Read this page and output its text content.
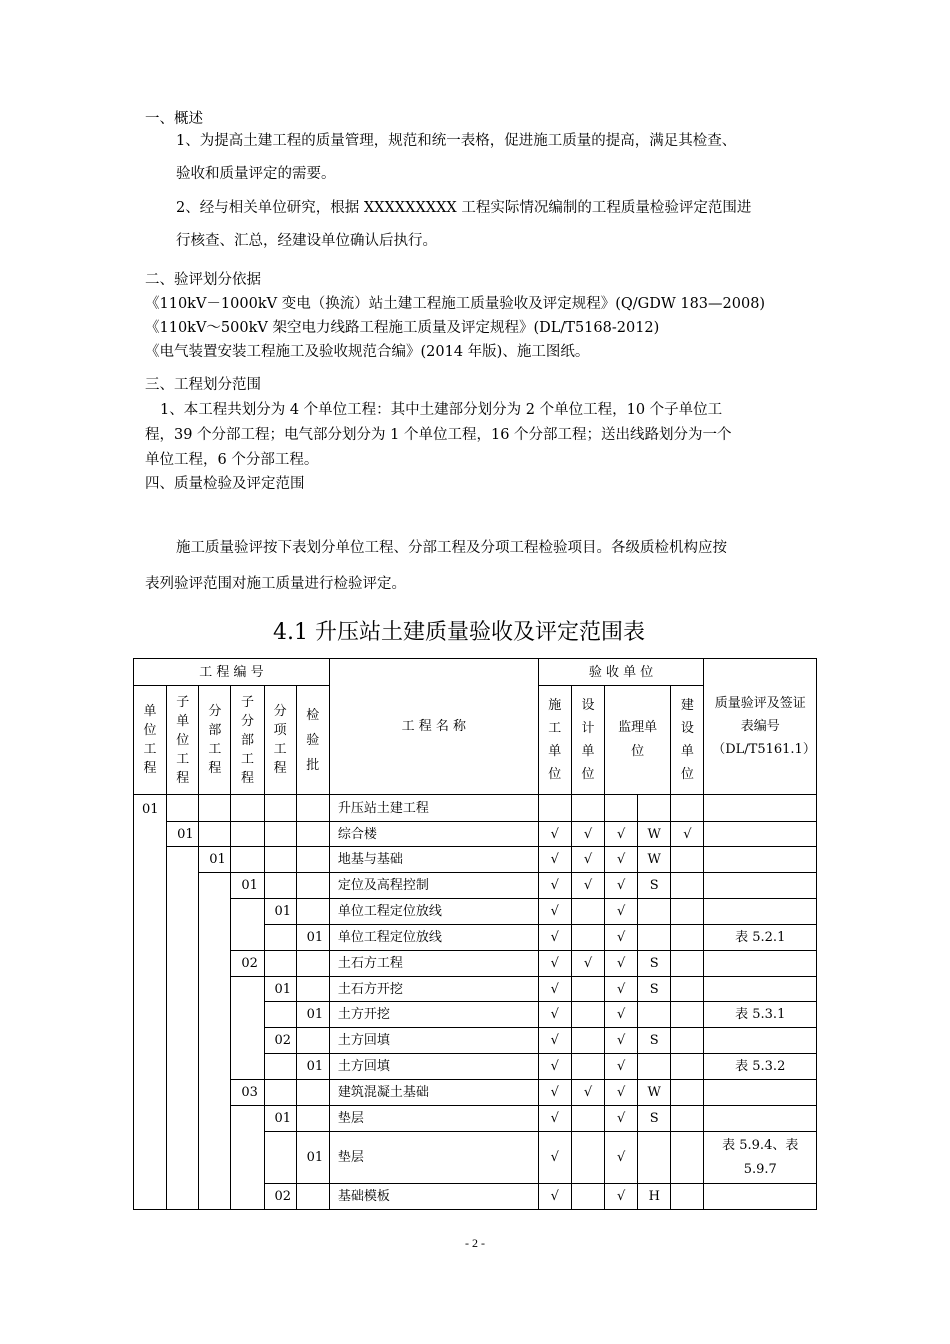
一、概述
1、为提高土建工程的质量管理，规范和统一表格，促进施工质量的提高，满足其检查、
验收和质量评定的需要。
2、经与相关单位研究，根据 XXXXXXXXX 工程实际情况编制的工程质量检验评定范围进
行核查、汇总，经建设单位确认后执行。
二、验评划分依据
《110kV－1000kV 变电（换流）站土建工程施工质量验收及评定规程》(Q/GDW 183—2008)
《110kV～500kV 架空电力线路工程施工质量及评定规程》(DL/T5168-2012)
《电气装置安装工程施工及验收规范合编》(2014 年版)、施工图纸。
三、工程划分范围
1、本工程共划分为 4 个单位工程：其中土建部分划分为 2 个单位工程，10 个子单位工
程，39 个分部工程；电气部分划分为 1 个单位工程，16 个分部工程；送出线路划分为一个
单位工程，6 个分部工程。
四、质量检验及评定范围
施工质量验评按下表划分单位工程、分部工程及分项工程检验项目。各级质检机构应按
表列验评范围对施工质量进行检验评定。
4.1 升压站土建质量验收及评定范围表
工 程 编 号						工 程 名 称	验 收 单 位					质量验评及签证表编号（DL/T5161.1）

单位工程	子单位工程	分部工程	子分部工程	分项工程	检验批		施工单位	设计单位	监理单位		建设单位	
01						升压站土建工程						
	01					综合楼	√	√	√	W	√	
		01				地基与基础	√	√	√	W		
			01			定位及高程控制	√	√	√	S		
				01		单位工程定位放线	√		√			
					01	单位工程定位放线	√		√			表 5.2.1
			02			土石方工程	√	√	√	S		
				01		土石方开挖	√		√	S		
					01	土方开挖	√		√			表 5.3.1
				02		土方回填	√		√	S		
					01	土方回填	√		√			表 5.3.2
			03			建筑混凝土基础	√	√	√	W		
				01		垫层	√		√	S		
					01	垫层	√		√			表 5.9.4、表 5.9.7

				02		基础模板	√		√	H		
- 2 -
